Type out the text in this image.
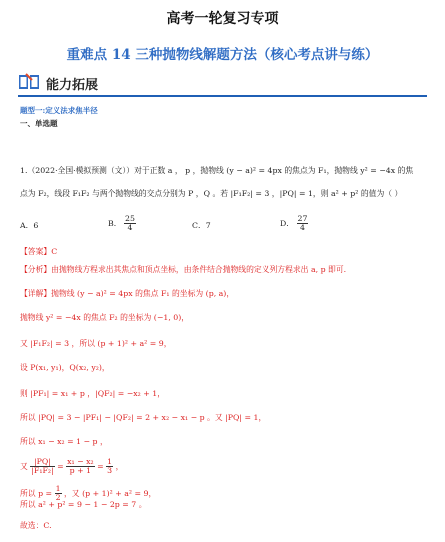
高考一轮复习专项
重难点 14 三种抛物线解题方法（核心考点讲与练）
能力拓展
题型一:定义法求焦半径
一、单选题
1.（2022·全国·模拟预测（文））对于正数 a ， p ，抛物线 (y − a)² = 4px 的焦点为 F₁，抛物线 y² = −4x 的焦
点为 F₂，线段 F₁F₂ 与两个抛物线的交点分别为 P ，Q 。若 |F₁F₂| = 3 ，|PQ| = 1，则 a² + p² 的值为（ ）
A．6	B． $\frac{25}{4}$	C．7	D． $\frac{27}{4}$
【答案】C
【分析】由抛物线方程求出其焦点和顶点坐标，由条件结合抛物线的定义列方程求出 a, p 即可.
【详解】抛物线 (y − a)² = 4px 的焦点 F₁ 的坐标为 (p, a)，
抛物线 y² = −4x 的焦点 F₂ 的坐标为 (−1, 0)，
又 |F₁F₂| = 3 ，所以 (p + 1)² + a² = 9，
设 P(x₁, y₁)，Q(x₂, y₂)，
则 |PF₁| = x₁ + p ，|QF₂| = −x₂ + 1，
所以 |PQ| = 3 − |PF₁| − |QF₂| = 2 + x₂ − x₁ − p 。又 |PQ| = 1，
所以 x₁ − x₂ = 1 − p ，
又 $\frac{|PQ|}{\text{|F₁F₂|}} = \frac{\text{x₁ − x₂}}{p + 1} = \frac{1}{3}$ ，
所以 $p = \frac{1}{2}$ ，又 (p + 1)² + a² = 9，
所以 a² + p² = 9 − 1 − 2p = 7 。
故选：C.
